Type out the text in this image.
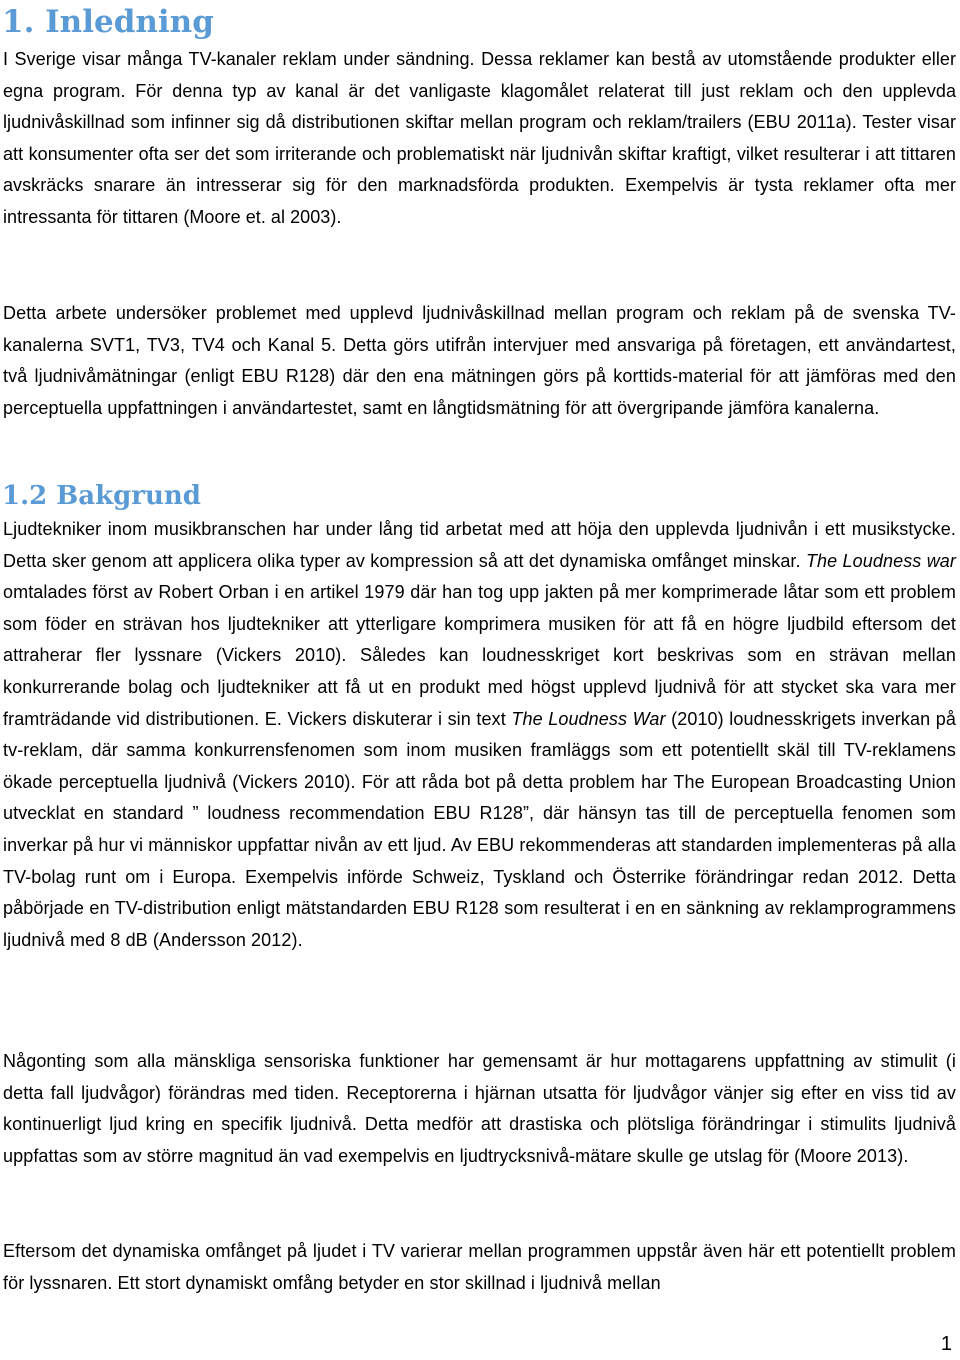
1. Inledning

I Sverige visar många TV-kanaler reklam under sändning. Dessa reklamer kan bestå av utomstående produkter eller egna program. För denna typ av kanal är det vanligaste klagomålet relaterat till just reklam och den upplevda ljudnivåskillnad som infinner sig då distributionen skiftar mellan program och reklam/trailers (EBU 2011a). Tester visar att konsumenter ofta ser det som irriterande och problematiskt när ljudnivån skiftar kraftigt, vilket resulterar i att tittaren avskräcks snarare än intresserar sig för den marknadsförda produkten. Exempelvis är tysta reklamer ofta mer intressanta för tittaren (Moore et. al 2003).

Detta arbete undersöker problemet med upplevd ljudnivåskillnad mellan program och reklam på de svenska TV-kanalerna SVT1, TV3, TV4 och Kanal 5. Detta görs utifrån intervjuer med ansvariga på företagen, ett användartest, två ljudnivåmätningar (enligt EBU R128) där den ena mätningen görs på korttids-material för att jämföras med den perceptuella uppfattningen i användartestet, samt en långtidsmätning för att övergripande jämföra kanalerna.

1.2 Bakgrund

Ljudtekniker inom musikbranschen har under lång tid arbetat med att höja den upplevda ljudnivån i ett musikstycke. Detta sker genom att applicera olika typer av kompression så att det dynamiska omfånget minskar. The Loudness war omtalades först av Robert Orban i en artikel 1979 där han tog upp jakten på mer komprimerade låtar som ett problem som föder en strävan hos ljudtekniker att ytterligare komprimera musiken för att få en högre ljudbild eftersom det attraherar fler lyssnare (Vickers 2010). Således kan loudnesskriget kort beskrivas som en strävan mellan konkurrerande bolag och ljudtekniker att få ut en produkt med högst upplevd ljudnivå för att stycket ska vara mer framträdande vid distributionen. E. Vickers diskuterar i sin text The Loudness War (2010) loudnesskrigets inverkan på tv-reklam, där samma konkurrensfenomen som inom musiken framläggs som ett potentiellt skäl till TV-reklamens ökade perceptuella ljudnivå (Vickers 2010). För att råda bot på detta problem har The European Broadcasting Union utvecklat en standard ” loudness recommendation EBU R128”, där hänsyn tas till de perceptuella fenomen som inverkar på hur vi människor uppfattar nivån av ett ljud. Av EBU rekommenderas att standarden implementeras på alla TV-bolag runt om i Europa. Exempelvis införde Schweiz, Tyskland och Österrike förändringar redan 2012. Detta påbörjade en TV-distribution enligt mätstandarden EBU R128 som resulterat i en en sänkning av reklamprogrammens ljudnivå med 8 dB (Andersson 2012).

Någonting som alla mänskliga sensoriska funktioner har gemensamt är hur mottagarens uppfattning av stimulit (i detta fall ljudvågor) förändras med tiden. Receptorerna i hjärnan utsatta för ljudvågor vänjer sig efter en viss tid av kontinuerligt ljud kring en specifik ljudnivå. Detta medför att drastiska och plötsliga förändringar i stimulits ljudnivå uppfattas som av större magnitud än vad exempelvis en ljudtrycksnivå-mätare skulle ge utslag för (Moore 2013).

Eftersom det dynamiska omfånget på ljudet i TV varierar mellan programmen uppstår även här ett potentiellt problem för lyssnaren. Ett stort dynamiskt omfång betyder en stor skillnad i ljudnivå mellan

1
